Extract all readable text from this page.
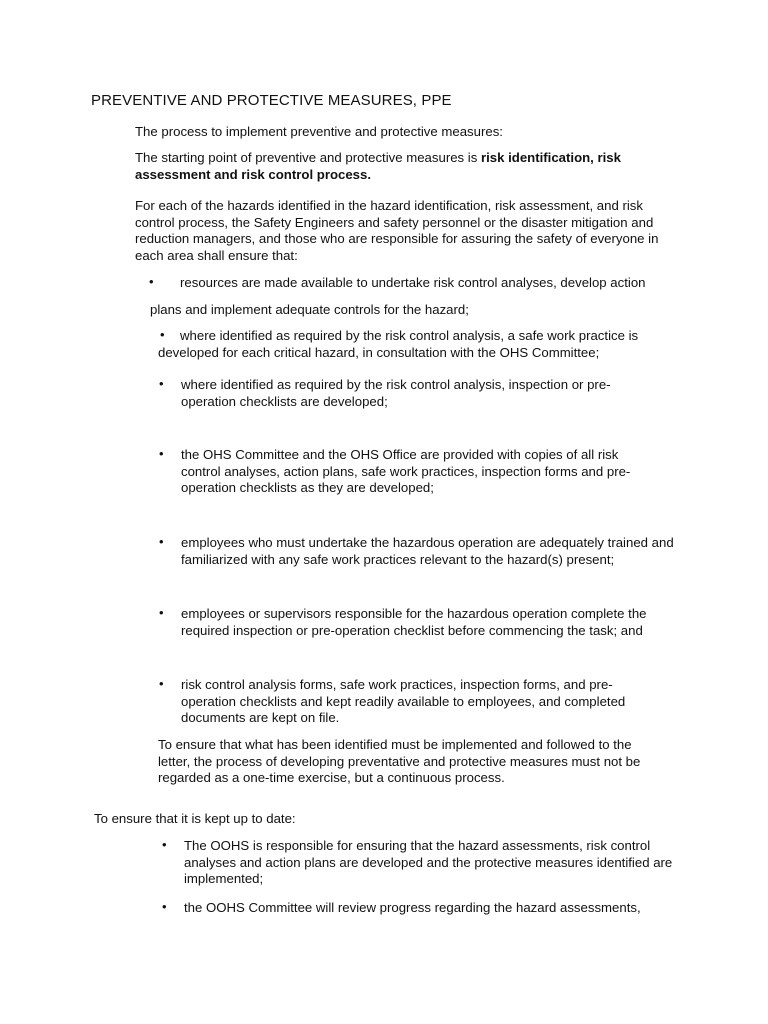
PREVENTIVE AND PROTECTIVE MEASURES, PPE

The process to implement preventive and protective measures:

The starting point of preventive and protective measures is risk identification, risk assessment and risk control process.

For each of the hazards identified in the hazard identification, risk assessment, and risk control process, the Safety Engineers and safety personnel or the disaster mitigation and reduction managers, and those who are responsible for assuring the safety of everyone in each area shall ensure that:

• resources are made available to undertake risk control analyses, develop action

plans and implement adequate controls for the hazard;

•	where identified as required by the risk control analysis, a safe work practice is developed for each critical hazard, in consultation with the OHS Committee;

• where identified as required by the risk control analysis, inspection or pre-operation checklists are developed;

• the OHS Committee and the OHS Office are provided with copies of all risk control analyses, action plans, safe work practices, inspection forms and pre-operation checklists as they are developed;

• employees who must undertake the hazardous operation are adequately trained and familiarized with any safe work practices relevant to the hazard(s) present;

• employees or supervisors responsible for the hazardous operation complete the required inspection or pre-operation checklist before commencing the task; and

• risk control analysis forms, safe work practices, inspection forms, and pre-operation checklists and kept readily available to employees, and completed documents are kept on file.

To ensure that what has been identified must be implemented and followed to the letter, the process of developing preventative and protective measures must not be regarded as a one-time exercise, but a continuous process.

To ensure that it is kept up to date:

• The OOHS is responsible for ensuring that the hazard assessments, risk control analyses and action plans are developed and the protective measures identified are implemented;

• the OOHS Committee will review progress regarding the hazard assessments,
